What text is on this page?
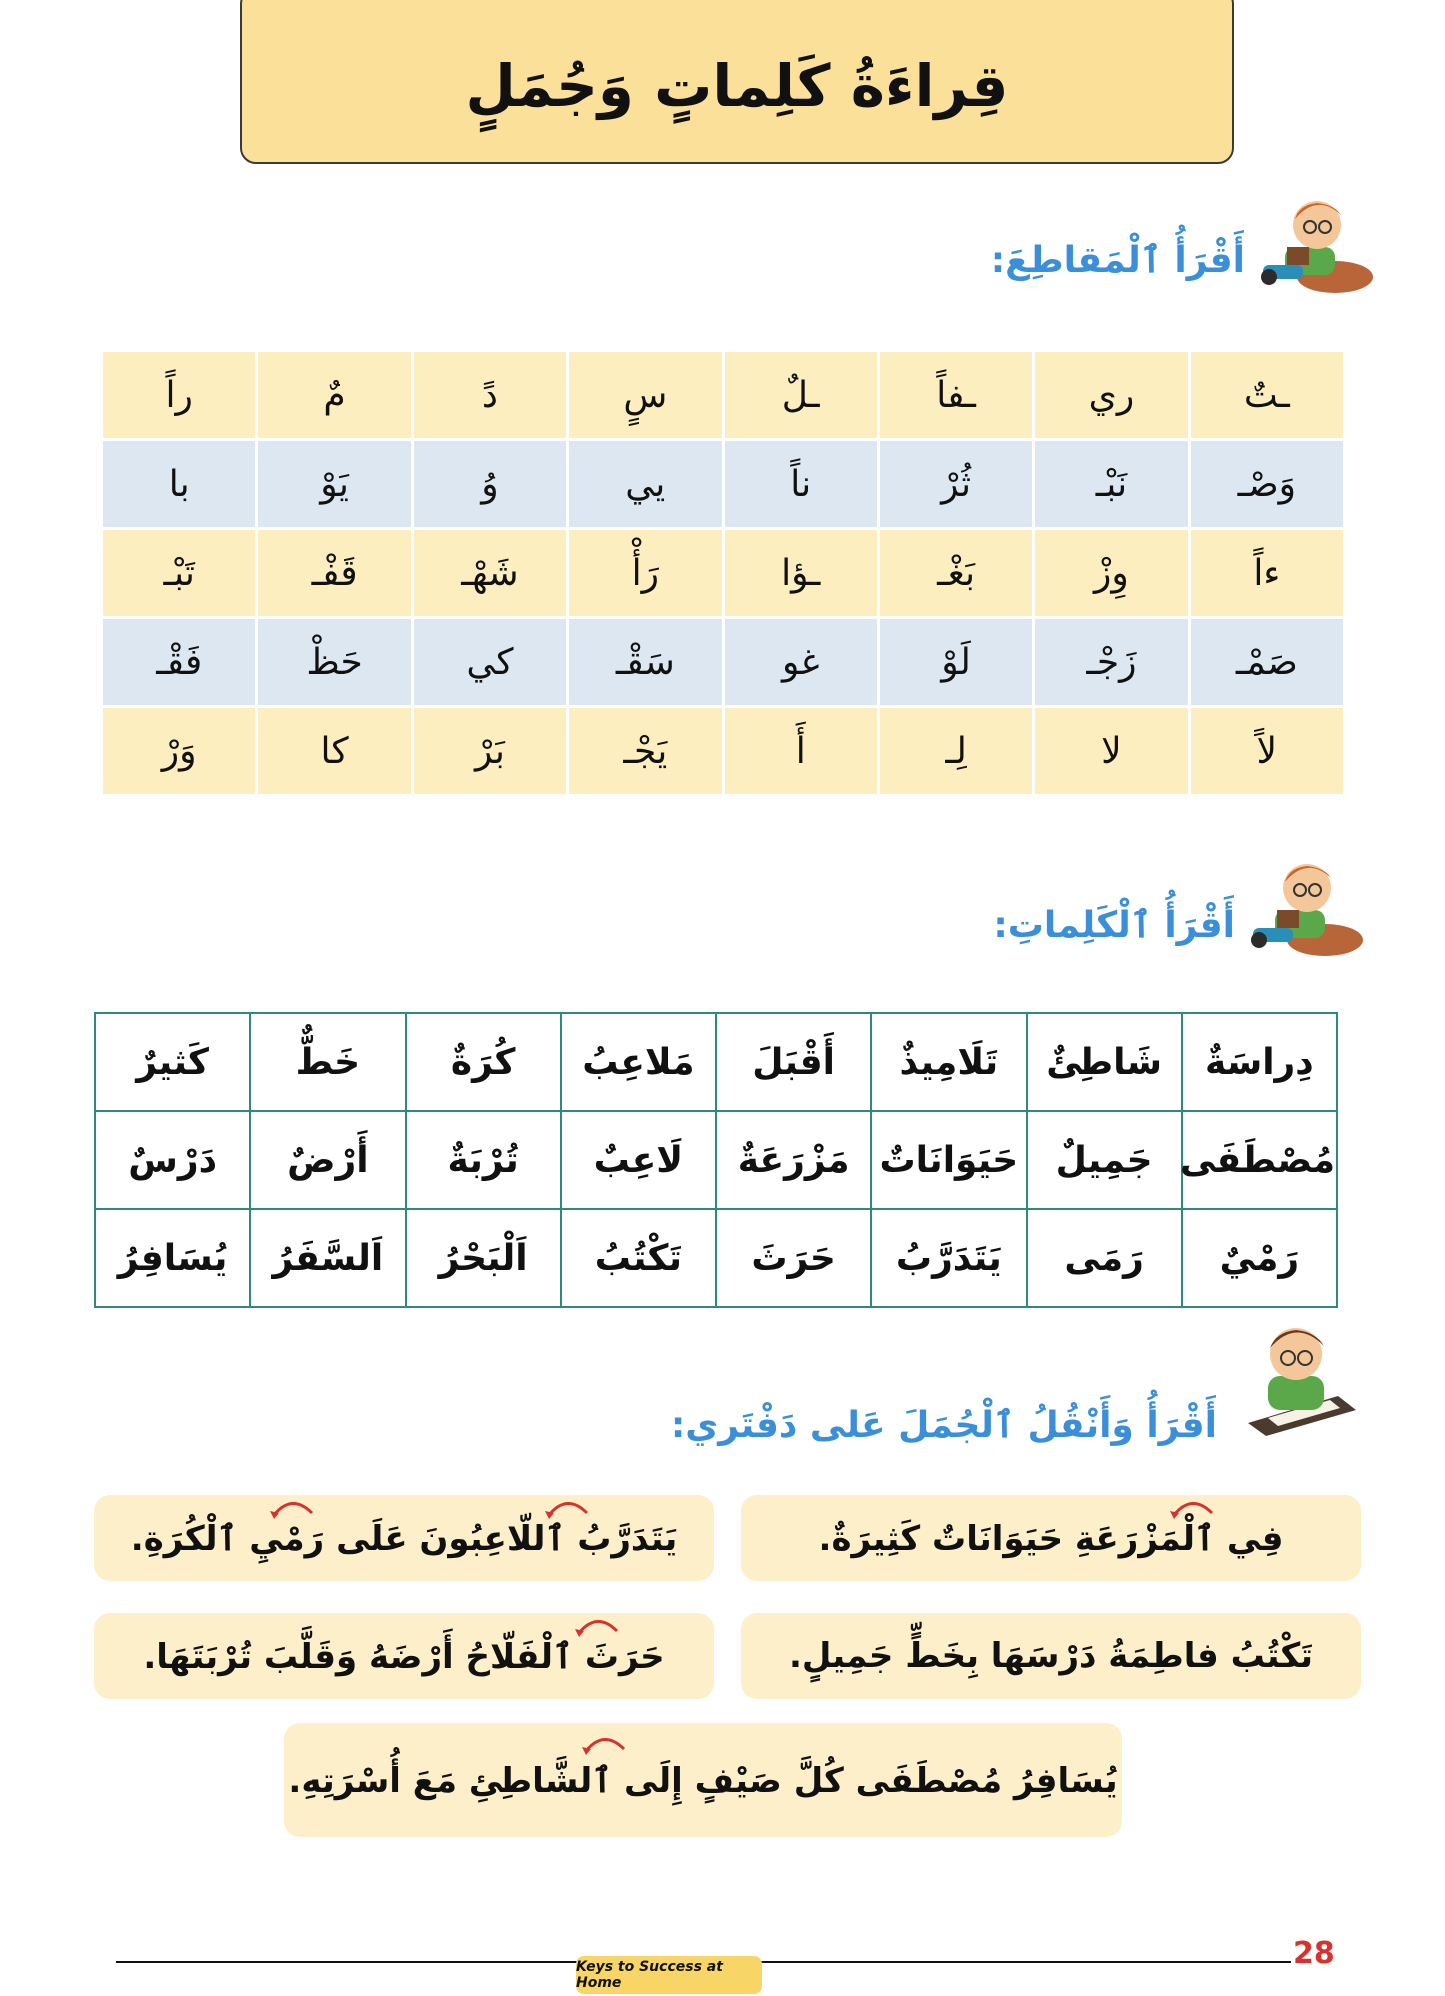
قِراءَةُ كَلِماتٍ وَجُمَلٍ
أَقْرَأُ ٱلْمَقاطِعَ:
راً	مٌ	دً	سٍ	ـلٌ	ـفاً	ري	ـتٌ
با	يَوْ	وُ	يي	ناً	ثُرْ	نَبْـ	وَصْـ
تَبْـ	قَفْـ	شَهْـ	رَأْ	ـؤا	بَغْـ	وِزْ	ءاً
فَقْـ	حَظْ	كي	سَقْـ	غو	لَوْ	زَجْـ	صَمْـ
وَرْ	كا	بَرْ	يَجْـ	أَ	لِـ	لا	لاً
أَقْرَأُ ٱلْكَلِماتِ:
دِراسَةٌ	شَاطِئٌ	تَلَامِيذٌ	أَقْبَلَ	مَلاعِبُ	كُرَةٌ	خَطٌّ	كَثيرٌ
مُصْطَفَى	جَمِيلٌ	حَيَوَانَاتٌ	مَزْرَعَةٌ	لَاعِبٌ	تُرْبَةٌ	أَرْضٌ	دَرْسٌ
رَمْيٌ	رَمَى	يَتَدَرَّبُ	حَرَثَ	تَكْتُبُ	اَلْبَحْرُ	اَلسَّفَرُ	يُسَافِرُ
أَقْرَأُ وَأَنْقُلُ ٱلْجُمَلَ عَلى دَفْتَري:
فِي ٱلْمَزْرَعَةِ حَيَوَانَاتٌ كَثِيرَةٌ.
يَتَدَرَّبُ ٱللّاعِبُونَ عَلَى رَمْيِ ٱلْكُرَةِ.
تَكْتُبُ فاطِمَةُ دَرْسَهَا بِخَطٍّ جَمِيلٍ.
حَرَثَ ٱلْفَلّاحُ أَرْضَهُ وَقَلَّبَ تُرْبَتَهَا.
يُسَافِرُ مُصْطَفَى كُلَّ صَيْفٍ إِلَى ٱلشَّاطِئِ مَعَ أُسْرَتِهِ.
28
Keys to Success at Home
